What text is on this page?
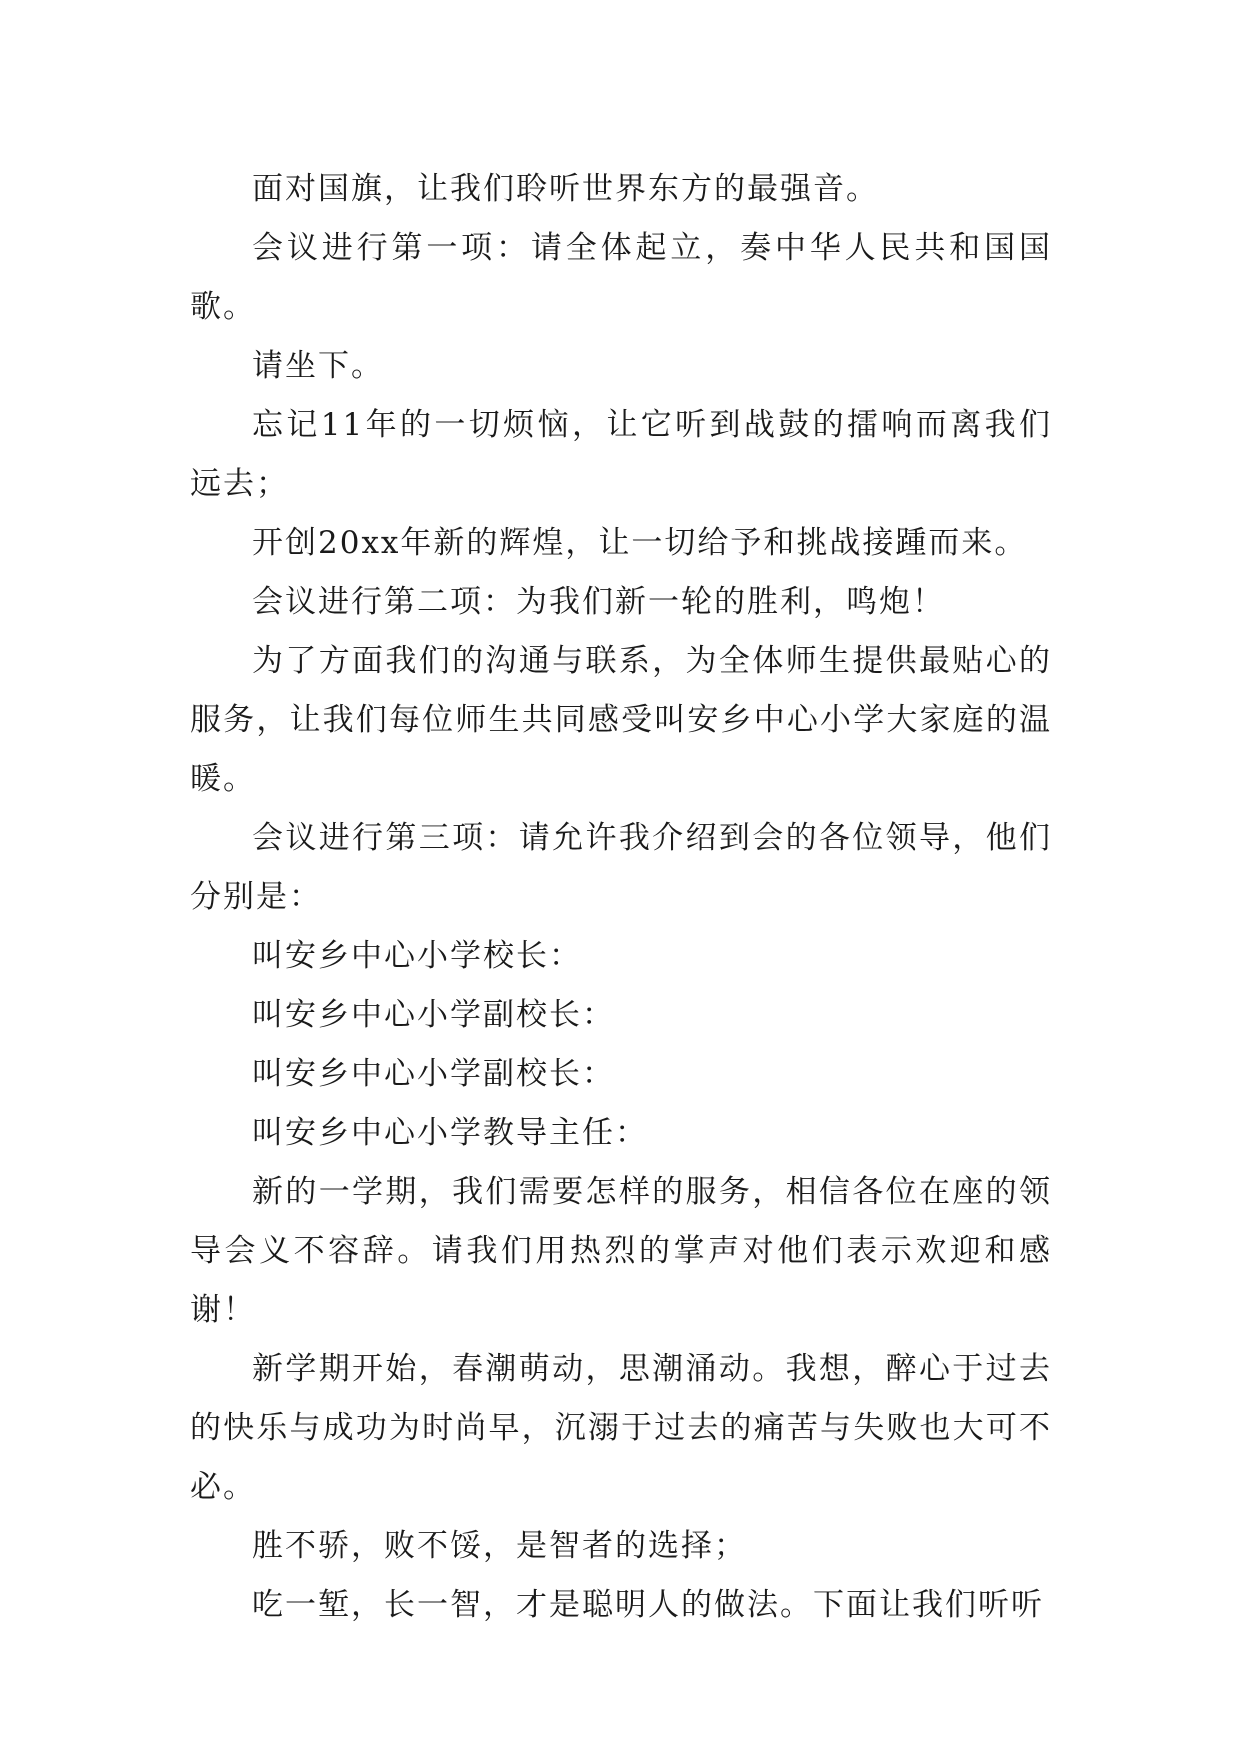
面对国旗，让我们聆听世界东方的最强音。

会议进行第一项：请全体起立，奏中华人民共和国国歌。

请坐下。

忘记11年的一切烦恼，让它听到战鼓的擂响而离我们远去；

开创20xx年新的辉煌，让一切给予和挑战接踵而来。

会议进行第二项：为我们新一轮的胜利，鸣炮！

为了方面我们的沟通与联系，为全体师生提供最贴心的服务，让我们每位师生共同感受叫安乡中心小学大家庭的温暖。

会议进行第三项：请允许我介绍到会的各位领导，他们分别是：

叫安乡中心小学校长：

叫安乡中心小学副校长：

叫安乡中心小学副校长：

叫安乡中心小学教导主任：

新的一学期，我们需要怎样的服务，相信各位在座的领导会义不容辞。请我们用热烈的掌声对他们表示欢迎和感谢！

新学期开始，春潮萌动，思潮涌动。我想，醉心于过去的快乐与成功为时尚早，沉溺于过去的痛苦与失败也大可不必。

胜不骄，败不馁，是智者的选择；

吃一堑，长一智，才是聪明人的做法。下面让我们听听
